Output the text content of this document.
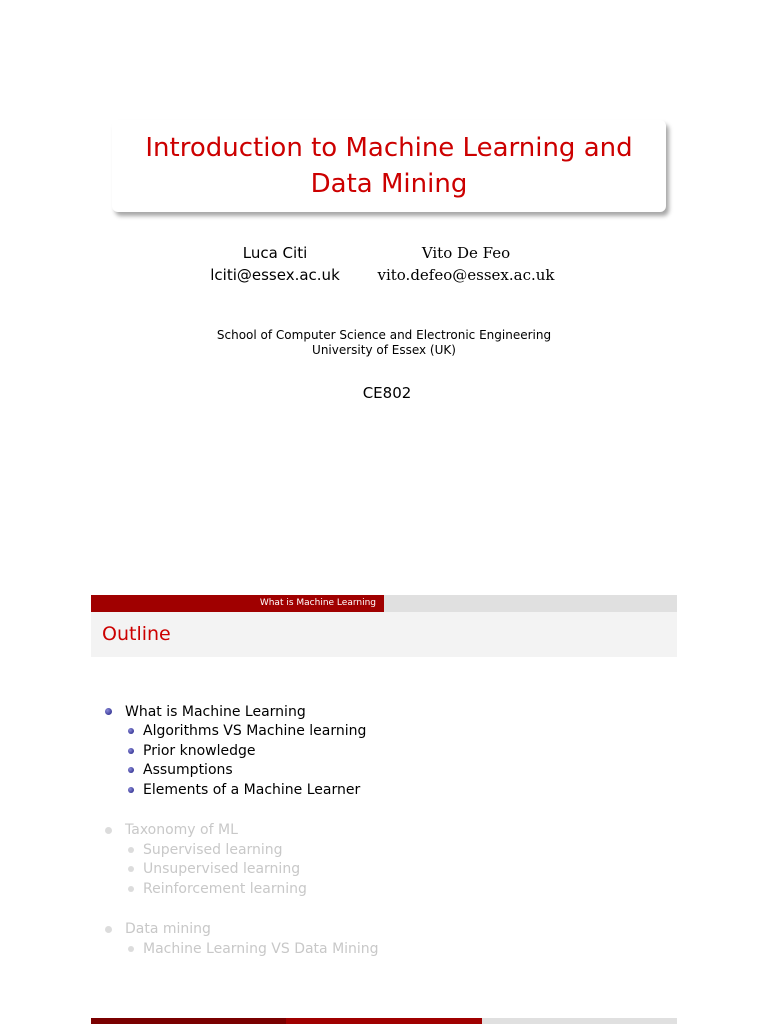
Introduction to Machine Learning and Data Mining
Luca Citi
lciti@essex.ac.uk
Vito De Feo
vito.defeo@essex.ac.uk
School of Computer Science and Electronic Engineering
University of Essex (UK)
CE802
What is Machine Learning
Outline
What is Machine Learning
Algorithms VS Machine learning
Prior knowledge
Assumptions
Elements of a Machine Learner
Taxonomy of ML
Supervised learning
Unsupervised learning
Reinforcement learning
Data mining
Machine Learning VS Data Mining
